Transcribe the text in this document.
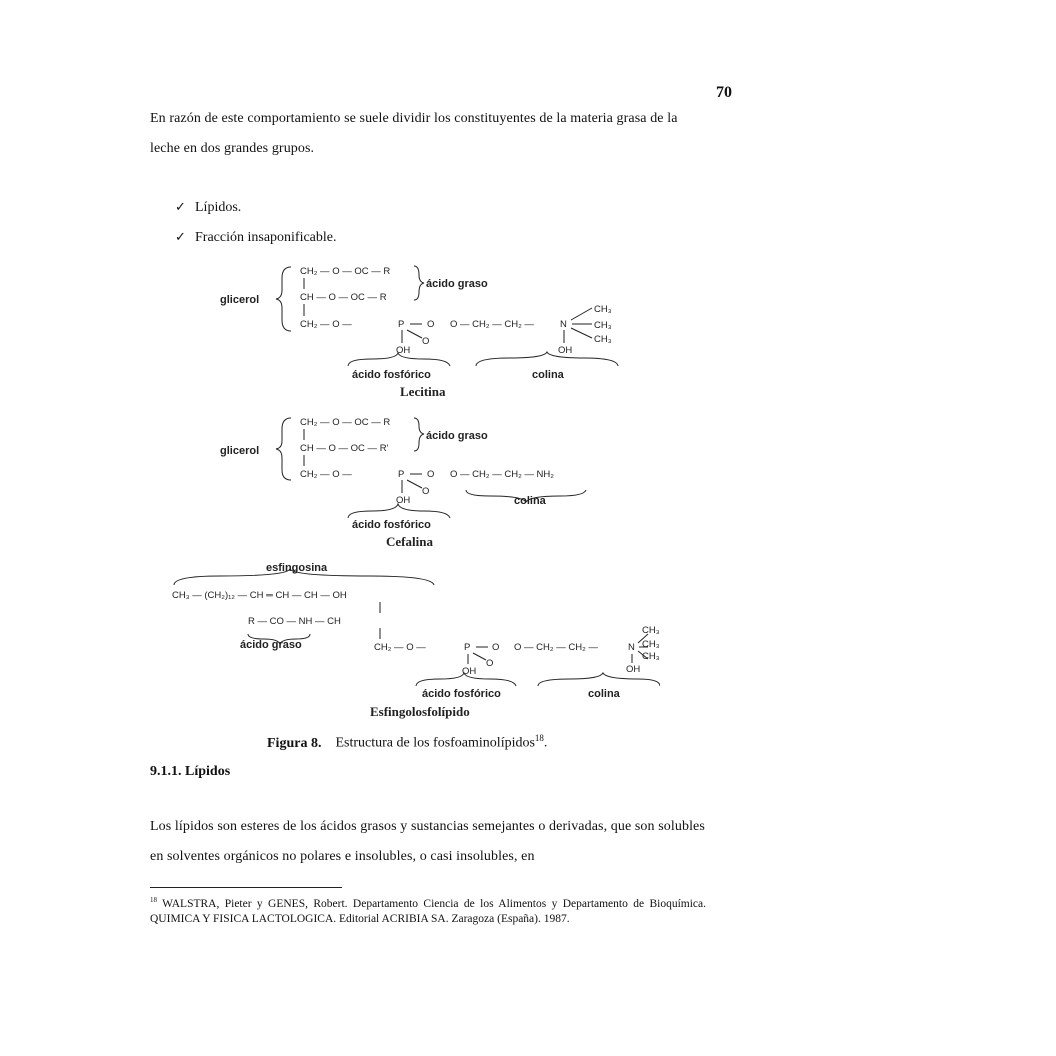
70
En razón de este comportamiento se suele dividir los constituyentes de la materia grasa de la leche en dos grandes grupos.
✓ Lípidos.
✓ Fracción insaponificable.
glicerol
CH₂ — O — OC — R
CH — O — OC — R
ácido graso
CH₂ — O —	P O O — CH₂ — CH₂ —	N
CH₃
CH₃
CH₃
OH
O
OH
ácido fosfórico	colina
Lecitina
glicerol
CH₂ — O — OC — R
CH — O — OC — R'
ácido graso
CH₂ — O —	P O O — CH₂ — CH₂ — NH₂
O
OH
ácido fosfórico
colina
Cefalina
esfingosina
CH₃ — (CH₂)₁₂ — CH ═ CH — CH — OH
R — CO — NH — CH
ácido graso	CH₂ — O —	P O O — CH₂ — CH₂ —	N
CH₃
CH₃
CH₃
OH
O
OH
ácido fosfórico	colina
Esfingolosfolípido
Figura 8. Estructura de los fosfoaminolípidos$^{18}$.
9.1.1. Lípidos
Los lípidos son esteres de los ácidos grasos y sustancias semejantes o derivadas, que son solubles en solventes orgánicos no polares e insolubles, o casi insolubles, en
$^{18}$ WALSTRA, Pieter y GENES, Robert. Departamento Ciencia de los Alimentos y Departamento de Bioquímica. QUIMICA Y FISICA LACTOLOGICA. Editorial ACRIBIA SA. Zaragoza (España). 1987.
